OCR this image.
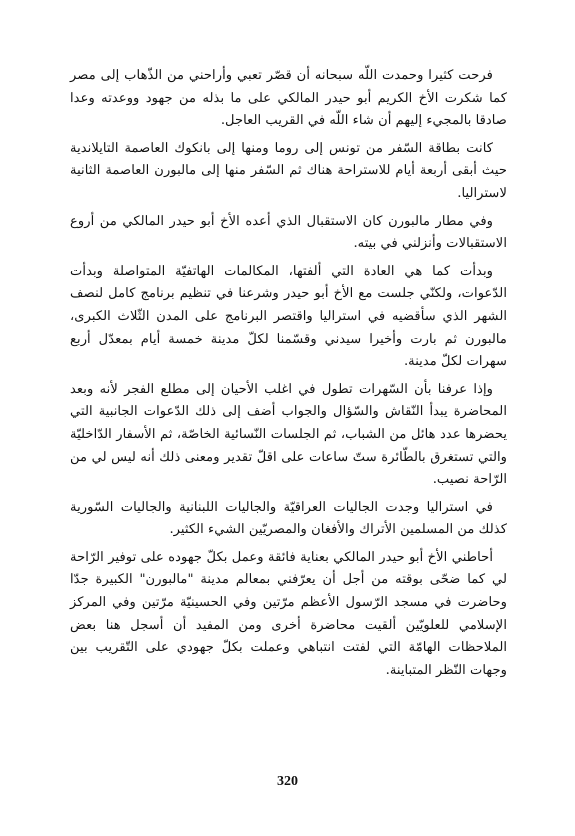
فرحت كثيرا وحمدت اللّه سبحانه أن قصّر تعبي وأراحني من الذّهاب إلى مصر كما شكرت الأخ الكريم أبو حيدر المالكي على ما بذله من جهود ووعدته وعدا صادقا بالمجيء إليهم أن شاء اللّه في القريب العاجل.

كانت بطاقة السّفر من تونس إلى روما ومنها إلى بانكوك العاصمة التايلاندية حيث أبقى أربعة أيام للاستراحة هناك ثم السّفر منها إلى مالبورن العاصمة الثانية لاستراليا.

وفي مطار مالبورن كان الاستقبال الذي أعده الأخ أبو حيدر المالكي من أروع الاستقبالات وأنزلني في بيته.

وبدأت كما هي العادة التي ألفتها، المكالمات الهاتفيّة المتواصلة وبدأت الدّعوات، ولكنّي جلست مع الأخ أبو حيدر وشرعنا في تنظيم برنامج كامل لنصف الشهر الذي سأقضيه في استراليا واقتصر البرنامج على المدن الثّلاث الكبرى، مالبورن ثم بارت وأخيرا سيدني وقسّمنا لكلّ مدينة خمسة أيام بمعدّل أربع سهرات لكلّ مدينة.

وإذا عرفنا بأن السّهرات تطول في اغلب الأحيان إلى مطلع الفجر لأنه وبعد المحاضرة يبدأ النّقاش والسّؤال والجواب أضف إلى ذلك الدّعوات الجانبية التي يحضرها عدد هائل من الشباب، ثم الجلسات النّسائية الخاصّة، ثم الأسفار الدّاخليّة والتي تستغرق بالطّائرة ستّ ساعات على اقلّ تقدير ومعنى ذلك أنه ليس لي من الرّاحة نصيب.

في استراليا وجدت الجاليات العراقيّة والجاليات اللبنانية والجاليات السّورية كذلك من المسلمين الأتراك والأفغان والمصريّين الشيء الكثير.

أحاطني الأخ أبو حيدر المالكي بعناية فائقة وعمل بكلّ جهوده على توفير الرّاحة لي كما ضحّى بوقته من أجل أن يعرّفني بمعالم مدينة "مالبورن" الكبيرة جدّا وحاضرت في مسجد الرّسول الأعظم مرّتين وفي الحسينيّة مرّتين وفي المركز الإسلامي للعلويّين ألقيت محاضرة أخرى ومن المفيد أن أسجل هنا بعض الملاحظات الهامّة التي لفتت انتباهي وعملت بكلّ جهودي على التّقريب بين وجهات النّظر المتباينة.

320
